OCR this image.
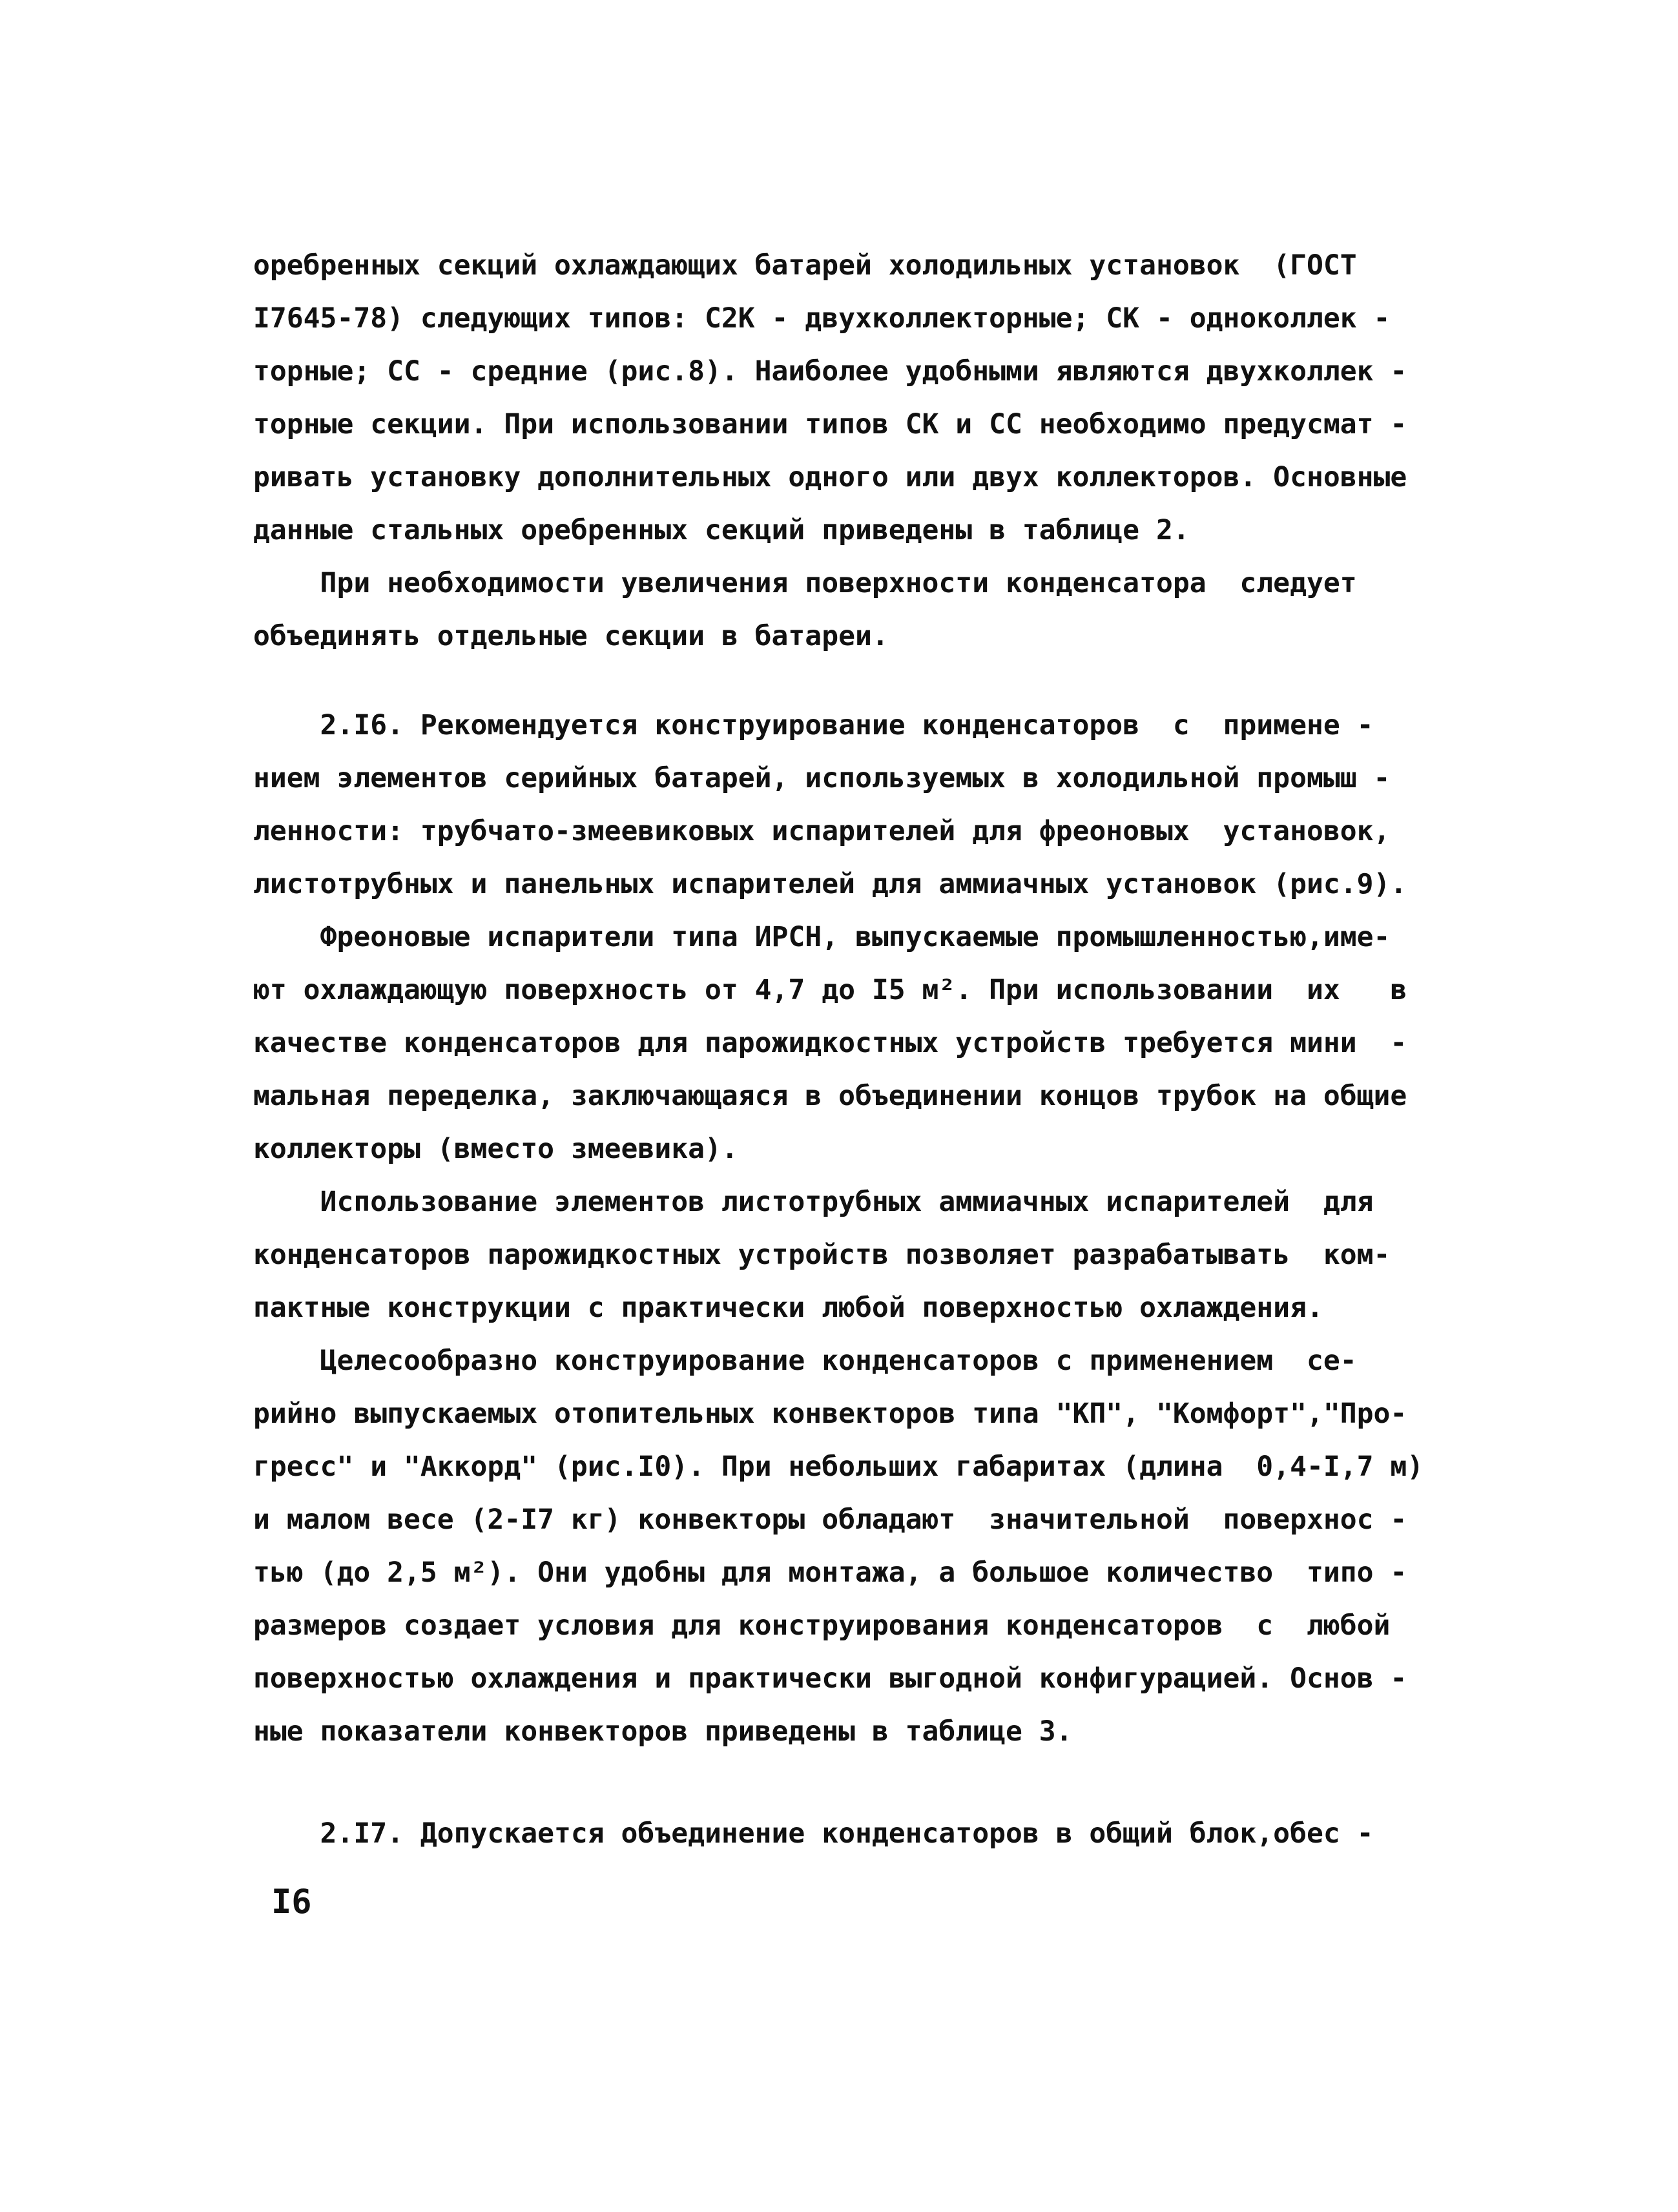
оребренных секций охлаждающих батарей холодильных установок  (ГОСТ
I7645-78) следующих типов: С2К - двухколлекторные; СК - одноколлек -
торные; СС - средние (рис.8). Наиболее удобными являются двухколлек -
торные секции. При использовании типов СК и СС необходимо предусмат -
ривать установку дополнительных одного или двух коллекторов. Основные
данные стальных оребренных секций приведены в таблице 2.
При необходимости увеличения поверхности конденсатора  следует
объединять отдельные секции в батареи.
2.I6. Рекомендуется конструирование конденсаторов  с  примене -
нием элементов серийных батарей, используемых в холодильной промыш -
ленности: трубчато-змеевиковых испарителей для фреоновых  установок,
листотрубных и панельных испарителей для аммиачных установок (рис.9).
Фреоновые испарители типа ИРСН, выпускаемые промышленностью,име-
ют охлаждающую поверхность от 4,7 до I5 м². При использовании  их   в
качестве конденсаторов для парожидкостных устройств требуется мини  -
мальная переделка, заключающаяся в объединении концов трубок на общие
коллекторы (вместо змеевика).
Использование элементов листотрубных аммиачных испарителей  для
конденсаторов парожидкостных устройств позволяет разрабатывать  ком-
пактные конструкции с практически любой поверхностью охлаждения.
Целесообразно конструирование конденсаторов с применением  се-
рийно выпускаемых отопительных конвекторов типа "КП", "Комфорт","Про-
гресс" и "Аккорд" (рис.I0). При небольших габаритах (длина  0,4-I,7 м)
и малом весе (2-I7 кг) конвекторы обладают  значительной  поверхнос -
тью (до 2,5 м²). Они удобны для монтажа, а большое количество  типо -
размеров создает условия для конструирования конденсаторов  с  любой
поверхностью охлаждения и практически выгодной конфигурацией. Основ -
ные показатели конвекторов приведены в таблице 3.
2.I7. Допускается объединение конденсаторов в общий блок,обес -
I6
